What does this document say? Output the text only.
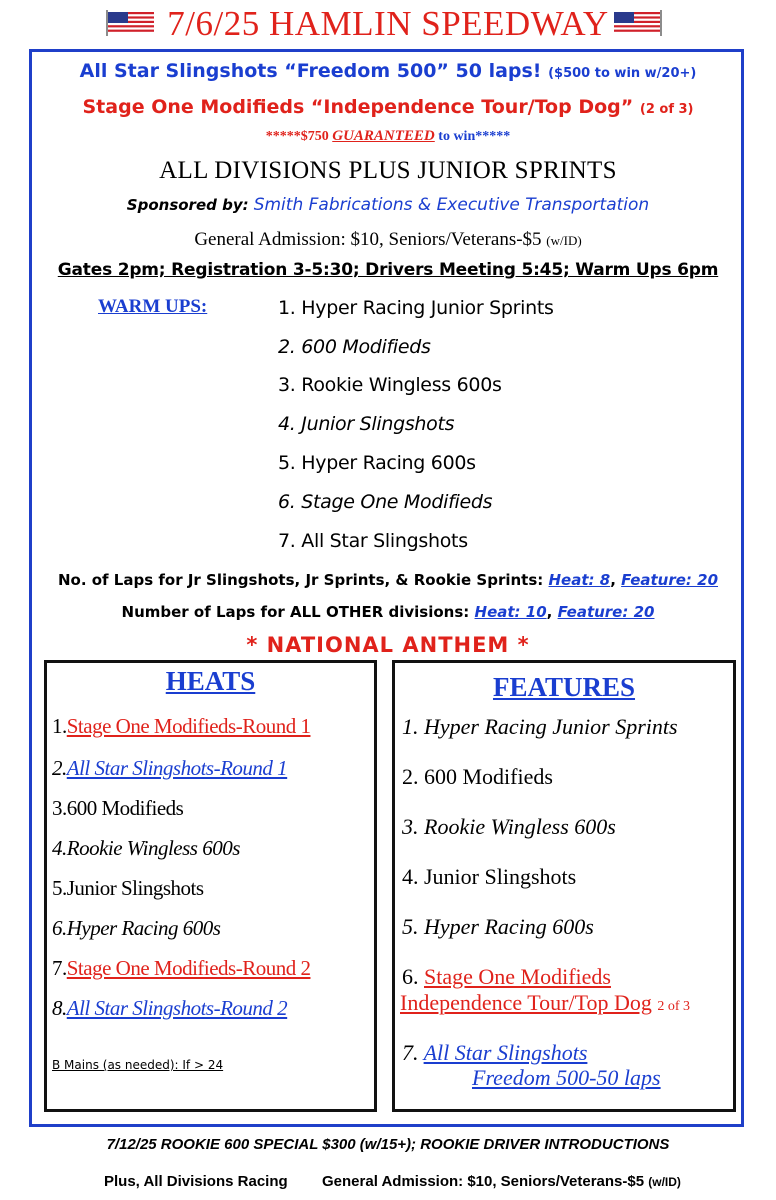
7/6/25 HAMLIN SPEEDWAY
All Star Slingshots “Freedom 500” 50 laps! ($500 to win w/20+)
Stage One Modifieds “Independence Tour/Top Dog” (2 of 3)
*****$750 GUARANTEED to win*****
ALL DIVISIONS PLUS JUNIOR SPRINTS
Sponsored by: Smith Fabrications & Executive Transportation
General Admission: $10, Seniors/Veterans-$5 (w/ID)
Gates 2pm; Registration 3-5:30; Drivers Meeting 5:45; Warm Ups 6pm
WARM UPS:	1. Hyper Racing Junior Sprints
2. 600 Modifieds
3. Rookie Wingless 600s
4. Junior Slingshots
5. Hyper Racing 600s
6. Stage One Modifieds
7. All Star Slingshots
No. of Laps for Jr Slingshots, Jr Sprints, & Rookie Sprints: Heat: 8, Feature: 20
Number of Laps for ALL OTHER divisions: Heat: 10, Feature: 20
* NATIONAL ANTHEM *
HEATS
1.Stage One Modifieds-Round 1
2.All Star Slingshots-Round 1
3.600 Modifieds
4.Rookie Wingless 600s
5.Junior Slingshots
6.Hyper Racing 600s
7.Stage One Modifieds-Round 2
8.All Star Slingshots-Round 2
B Mains (as needed): If > 24
FEATURES
1. Hyper Racing Junior Sprints
2. 600 Modifieds
3. Rookie Wingless 600s
4. Junior Slingshots
5. Hyper Racing 600s
6. Stage One Modifieds
Independence Tour/Top Dog 2 of 3
7. All Star Slingshots
Freedom 500-50 laps
7/12/25 ROOKIE 600 SPECIAL $300 (w/15+); ROOKIE DRIVER INTRODUCTIONS
Plus, All Divisions Racing General Admission: $10, Seniors/Veterans-$5 (w/ID)
